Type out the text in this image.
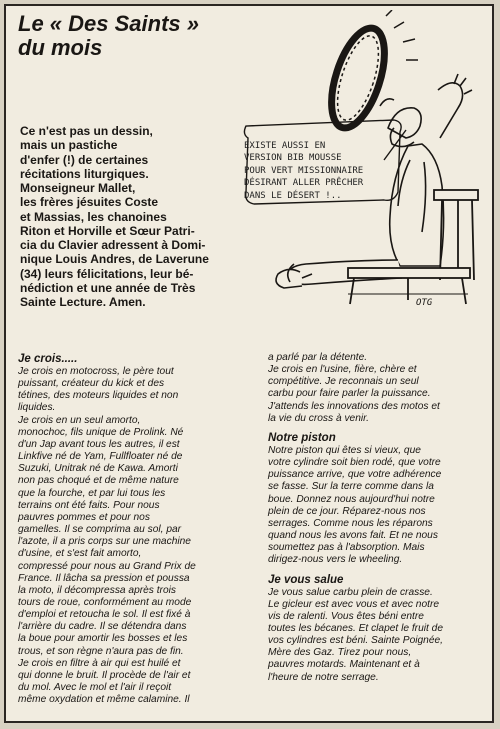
Le « Des Saints »
du mois
EXISTE AUSSI EN
VERSION BIB MOUSSE
POUR VERT MISSIONNAIRE
DÉSIRANT ALLER PRÊCHER
DANS LE DÉSERT !..
OTG
Ce n'est pas un dessin,
mais un pastiche
d'enfer (!) de certaines
récitations liturgiques.
Monseigneur Mallet,
les frères jésuites Coste
et Massias, les chanoines
Riton et Horville et Sœur Patri-
cia du Clavier adressent à Domi-
nique Louis Andres, de Laverune
(34) leurs félicitations, leur bé-
nédiction et une année de Très
Sainte Lecture. Amen.
Je crois.....

Je crois en motocross, le père tout

puissant, créateur du kick et des

tétines, des moteurs liquides et non

liquides.

Je crois en un seul amorto,

monochoc, fils unique de Prolink. Né

d'un Jap avant tous les autres, il est

Linkfive né de Yam, Fullfloater né de

Suzuki, Unitrak né de Kawa. Amorti

non pas choqué et de même nature

que la fourche, et par lui tous les

terrains ont été faits. Pour nous

pauvres pommes et pour nos

gamelles. Il se comprima au sol, par

l'azote, il a pris corps sur une machine

d'usine, et s'est fait amorto,

compressé pour nous au Grand Prix de

France. Il lâcha sa pression et poussa

la moto, il décompressa après trois

tours de roue, conformément au mode

d'emploi et retoucha le sol. Il est fixé à

l'arrière du cadre. Il se détendra dans

la boue pour amortir les bosses et les

trous, et son règne n'aura pas de fin.

Je crois en filtre à air qui est huilé et

qui donne le bruit. Il procède de l'air et

du mol. Avec le mol et l'air il reçoit

même oxydation et même calamine. Il

a parlé par la détente.

Je crois en l'usine, fière, chère et

compétitive. Je reconnais un seul

carbu pour faire parler la puissance.

J'attends les innovations des motos et

la vie du cross à venir.

Notre piston

Notre piston qui êtes si vieux, que

votre cylindre soit bien rodé, que votre

puissance arrive, que votre adhérence

se fasse. Sur la terre comme dans la

boue. Donnez nous aujourd'hui notre

plein de ce jour. Réparez-nous nos

serrages. Comme nous les réparons

quand nous les avons fait. Et ne nous

soumettez pas à l'absorption. Mais

dirigez-nous vers le wheeling.

Je vous salue

Je vous salue carbu plein de crasse.

Le gicleur est avec vous et avec notre

vis de ralenti. Vous êtes béni entre

toutes les bécanes. Et clapet le fruit de

vos cylindres est béni. Sainte Poignée,

Mère des Gaz. Tirez pour nous,

pauvres motards. Maintenant et à

l'heure de notre serrage.
